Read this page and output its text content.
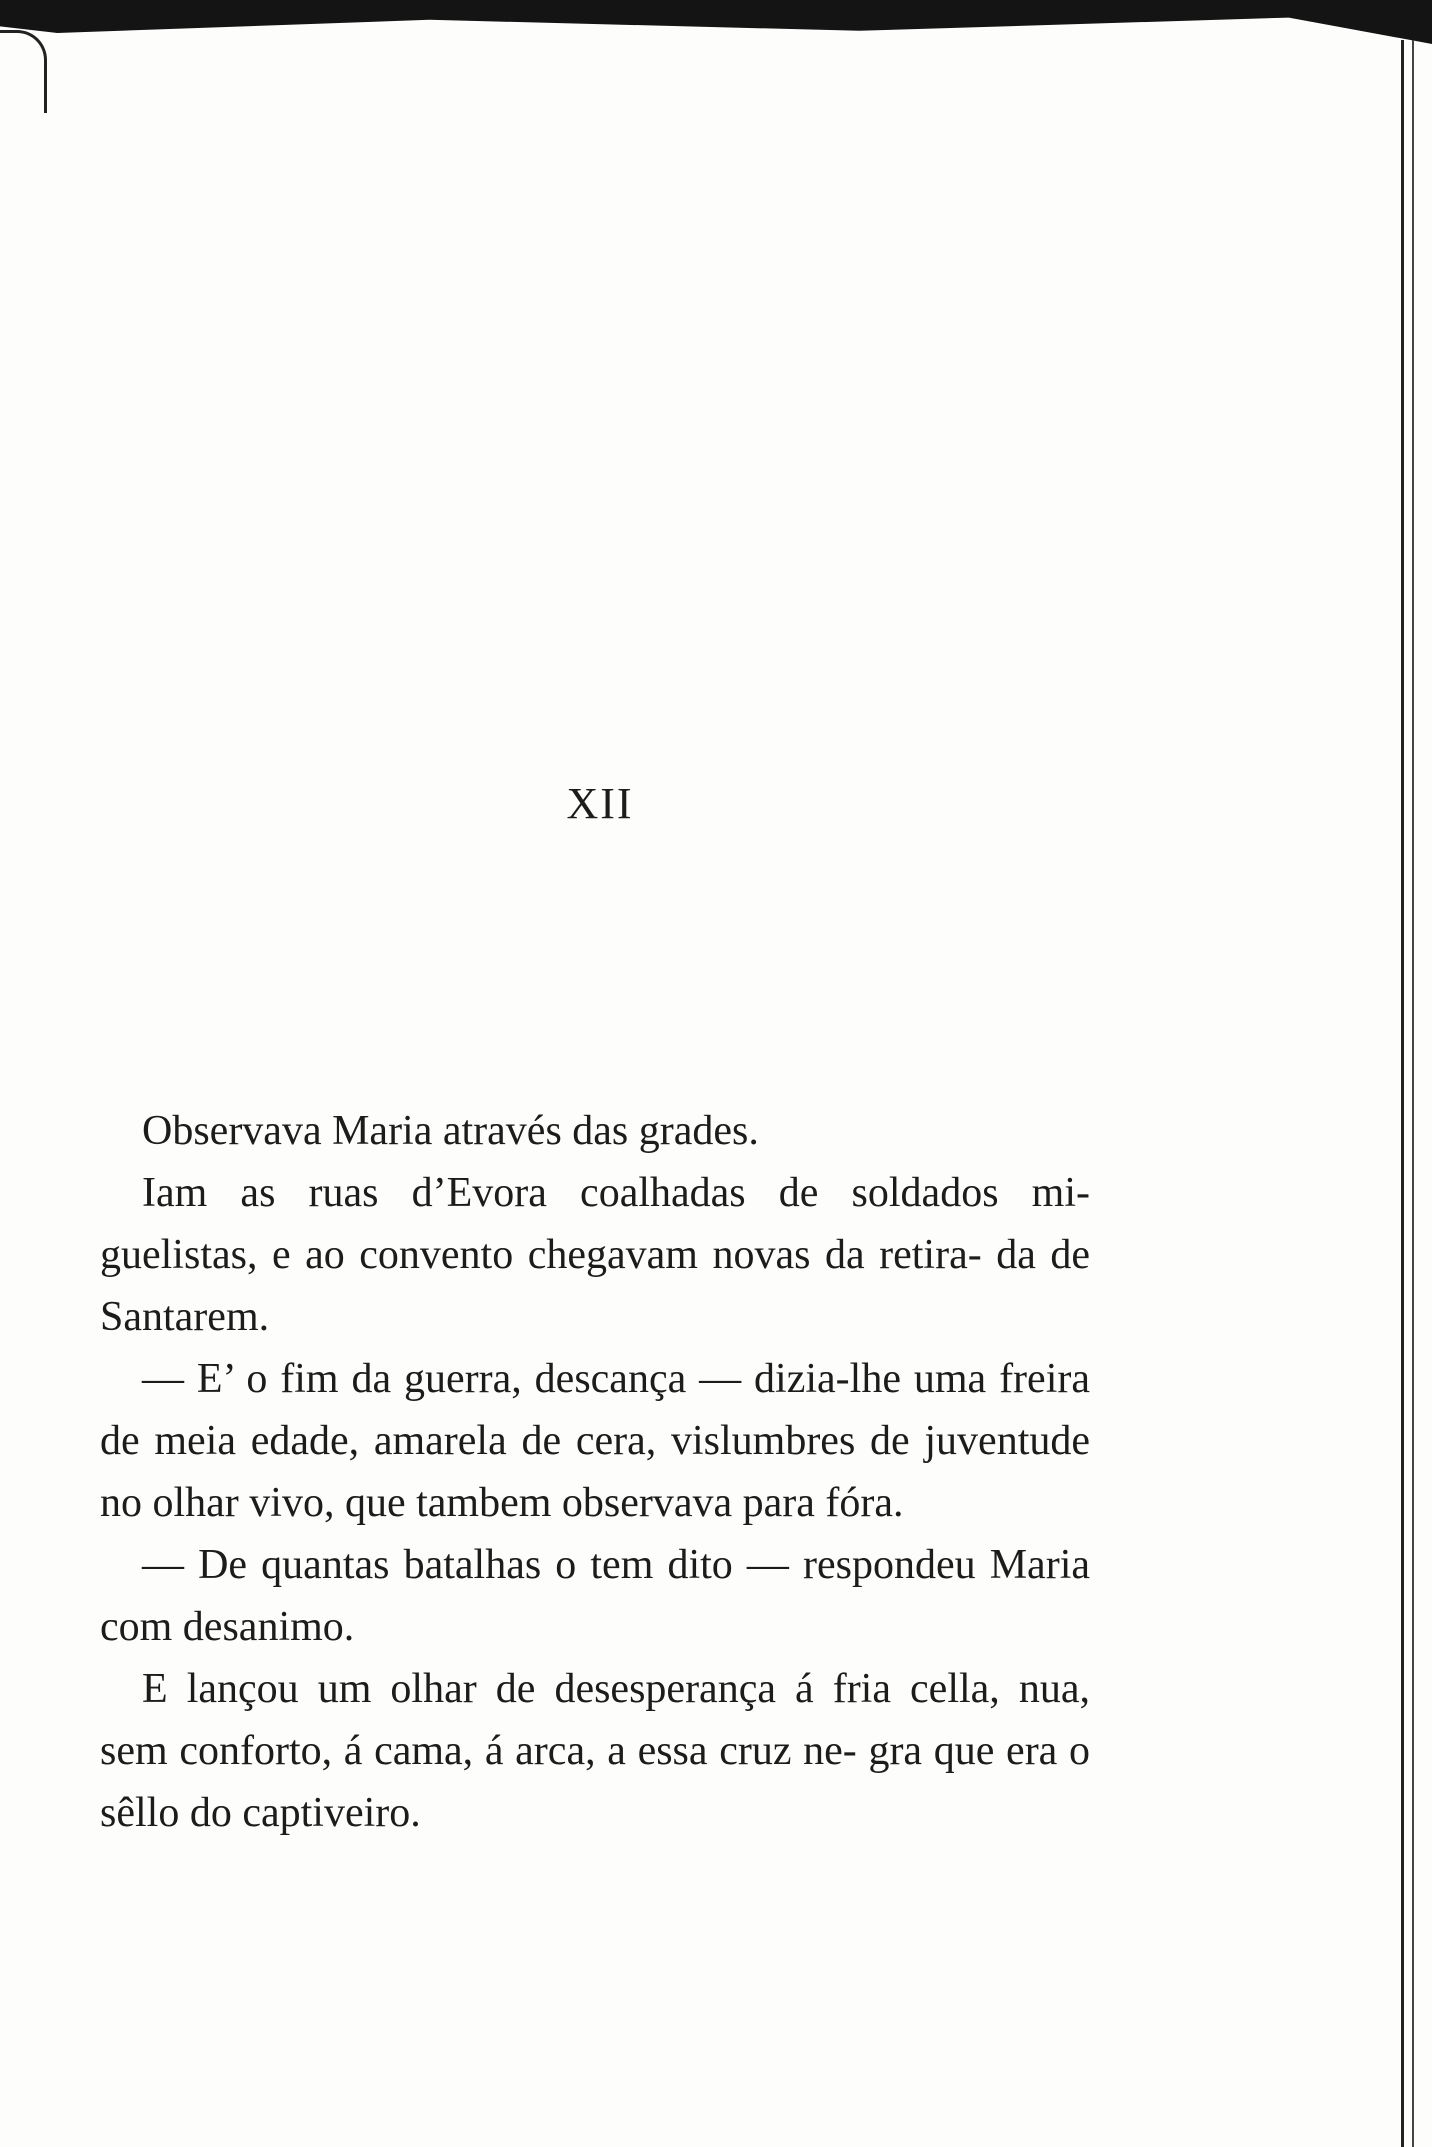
XII

Observava Maria através das grades.

Iam as ruas d’Evora coalhadas de soldados mi- guelistas, e ao convento chegavam novas da retira- da de Santarem.

— E’ o fim da guerra, descança — dizia-lhe uma freira de meia edade, amarela de cera, vislumbres de juventude no olhar vivo, que tambem observava para fóra.

— De quantas batalhas o tem dito — respondeu Maria com desanimo.

E lançou um olhar de desesperança á fria cella, nua, sem conforto, á cama, á arca, a essa cruz ne- gra que era o sêllo do captiveiro.
